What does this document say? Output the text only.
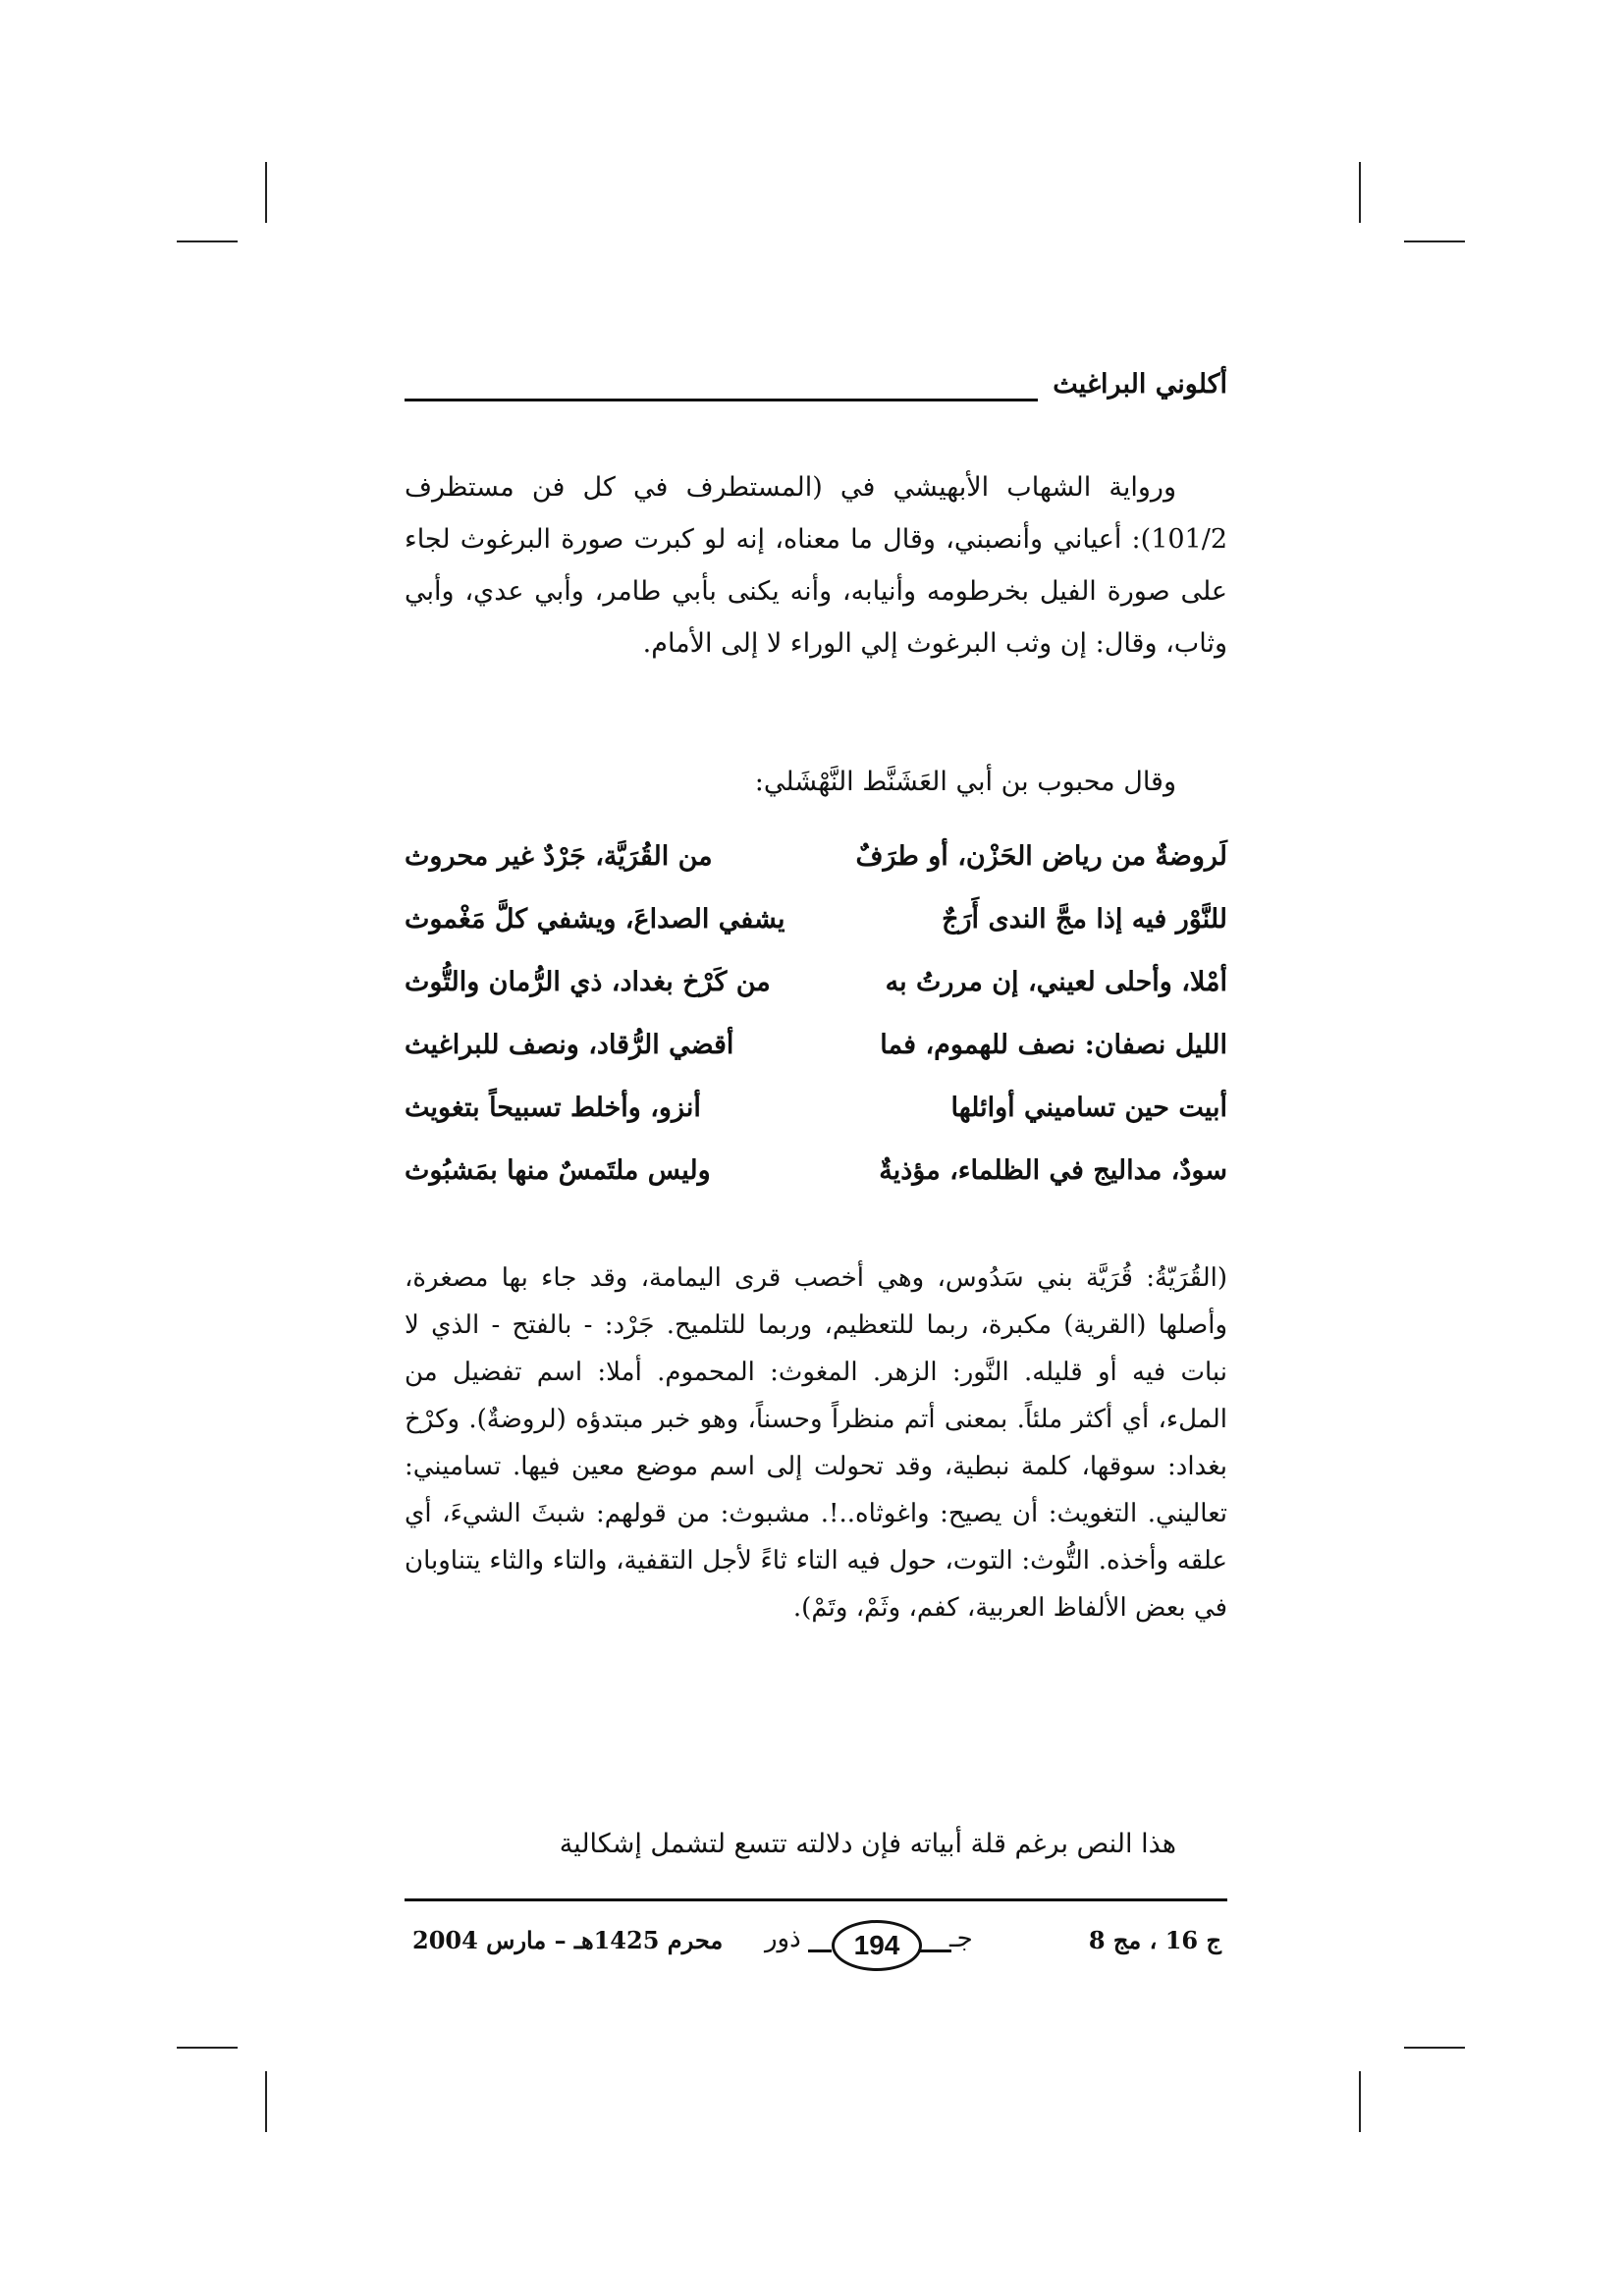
أكلوني البراغيث

ورواية الشهاب الأبهيشي في (المستطرف في كل فن مستظرف 101/2): أعياني وأنصبني، وقال ما معناه، إنه لو كبرت صورة البرغوث لجاء على صورة الفيل بخرطومه وأنيابه، وأنه يكنى بأبي طامر، وأبي عدي، وأبي وثاب، وقال: إن وثب البرغوث إلي الوراء لا إلى الأمام.

وقال محبوب بن أبي العَشَنَّط النَّهْشَلي:
لَروضةٌ من رياض الحَزْن، أو طرَفٌ
من القُرَيَّة، جَرْدٌ غير محروث
للنَّوْر فيه إذا مجَّ الندى أَرَجٌ
يشفي الصداعَ، ويشفي كلَّ مَغْموث
أمْلا، وأحلى لعيني، إن مررتُ به
من كَرْخ بغداد، ذي الرُّمان والتُّوث
الليل نصفان: نصف للهموم، فما
أقضي الرُّقاد، ونصف للبراغيث
أبيت حين تساميني أوائلها
أنزو، وأخلط تسبيحاً بتغويث
سودٌ، مداليج في الظلماء، مؤذيةٌ
وليس ملتَمسٌ منها بمَشبُوث
(القُرَيّةُ: قُرَيَّة بني سَدُوس، وهي أخصب قرى اليمامة، وقد جاء بها مصغرة، وأصلها (القرية) مكبرة، ربما للتعظيم، وربما للتلميح. جَرْد: - بالفتح - الذي لا نبات فيه أو قليله. النَّور: الزهر. المغوث: المحموم. أملا: اسم تفضيل من الملء، أي أكثر ملئاً. بمعنى أتم منظراً وحسناً، وهو خبر مبتدؤه (لروضةٌ). وكرْخ بغداد: سوقها، كلمة نبطية، وقد تحولت إلى اسم موضع معين فيها. تساميني: تعاليني. التغويث: أن يصيح: واغوثاه..!. مشبوث: من قولهم: شبثَ الشيءَ، أي علقه وأخذه. التُّوث: التوت، حول فيه التاء ثاءً لأجل التقفية، والتاء والثاء يتناوبان في بعض الألفاظ العربية، كفم، وثَمْ، وتَمْ).
هذا النص برغم قلة أبياته فإن دلالته تتسع لتشمل إشكالية
ج 16 ، مج 8
ذور	194	جـ
محرم 1425هـ – مارس 2004
